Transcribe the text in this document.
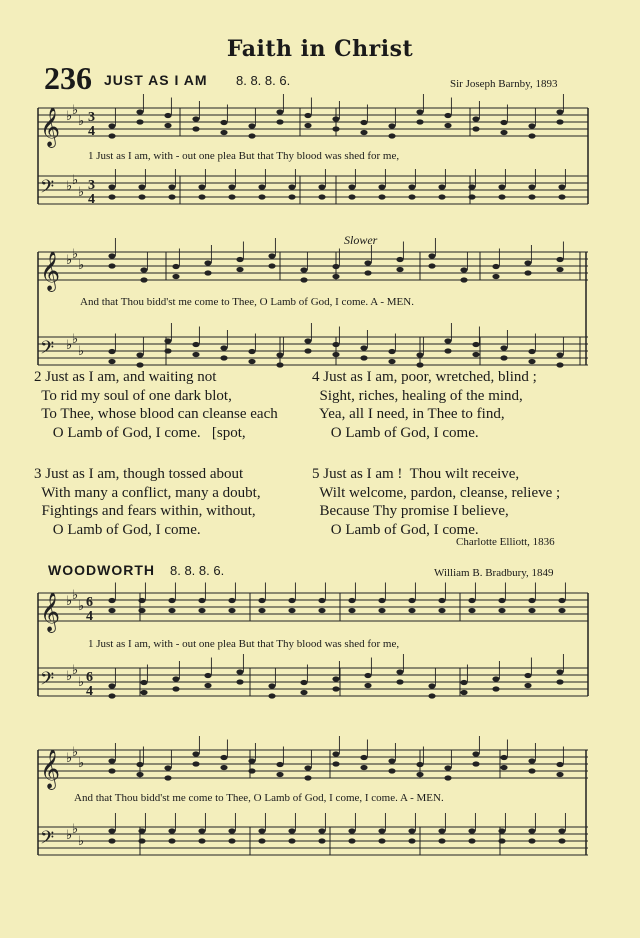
Faith in Christ
236 JUST AS I AM 8. 8. 8. 6.	Sir Joseph Barnby, 1893
Slower
𝄞
𝄢
𝄞
𝄢
𝄞
𝄢
𝄞
𝄢
♭ ♭
♭
♭ ♭
♭
♭ ♭
♭
♭ ♭
♭
♭ ♭
♭
♭ ♭
♭
♭ ♭
♭
♭ ♭
♭
3
4
3
4
6
4
6
4
1 Just as I am, with - out one plea But that Thy blood was shed for me,
And that Thou bidd'st me come to Thee, O Lamb of God, I come. A - MEN.
2 Just as I am, and waiting not
To rid my soul of one dark blot,
To Thee, whose blood can cleanse each
O Lamb of God, I come.   [spot,
4 Just as I am, poor, wretched, blind ;
Sight, riches, healing of the mind,
Yea, all I need, in Thee to find,
O Lamb of God, I come.
3 Just as I am, though tossed about
With many a conflict, many a doubt,
Fightings and fears within, without,
O Lamb of God, I come.
5 Just as I am !  Thou wilt receive,
Wilt welcome, pardon, cleanse, relieve ;
Because Thy promise I believe,
O Lamb of God, I come.
Charlotte Elliott, 1836
WOODWORTH 8. 8. 8. 6.	William B. Bradbury, 1849
1 Just as I am, with - out one plea But that Thy blood was shed for me,
And that Thou bidd'st me come to Thee, O Lamb of God, I come, I come. A - MEN.
